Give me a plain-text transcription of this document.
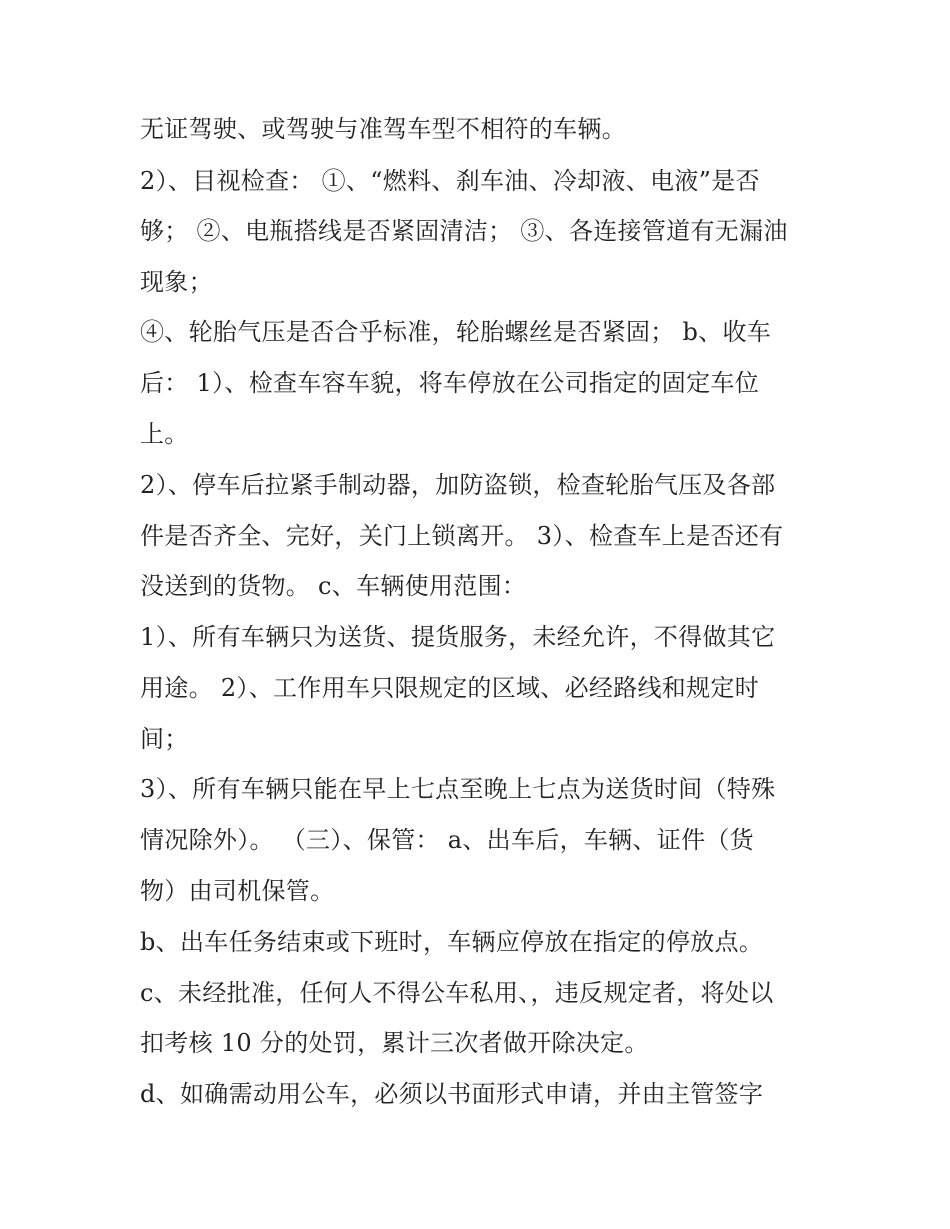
无证驾驶、或驾驶与准驾车型不相符的车辆。
2）、目视检查： ①、“燃料、刹车油、冷却液、电液”是否
够； ②、电瓶搭线是否紧固清洁； ③、各连接管道有无漏油
现象；
④、轮胎气压是否合乎标准，轮胎螺丝是否紧固； b、收车
后： 1）、检查车容车貌，将车停放在公司指定的固定车位
上。
2）、停车后拉紧手制动器，加防盗锁，检查轮胎气压及各部
件是否齐全、完好，关门上锁离开。 3）、检查车上是否还有
没送到的货物。 c、车辆使用范围：
1）、所有车辆只为送货、提货服务，未经允许，不得做其它
用途。 2）、工作用车只限规定的区域、必经路线和规定时
间；
3）、所有车辆只能在早上七点至晚上七点为送货时间（特殊
情况除外）。 （三）、保管： a、出车后，车辆、证件（货
物）由司机保管。
b、出车任务结束或下班时，车辆应停放在指定的停放点。
c、未经批准，任何人不得公车私用、，违反规定者，将处以
扣考核 10 分的处罚，累计三次者做开除决定。
d、如确需动用公车，必须以书面形式申请，并由主管签字
